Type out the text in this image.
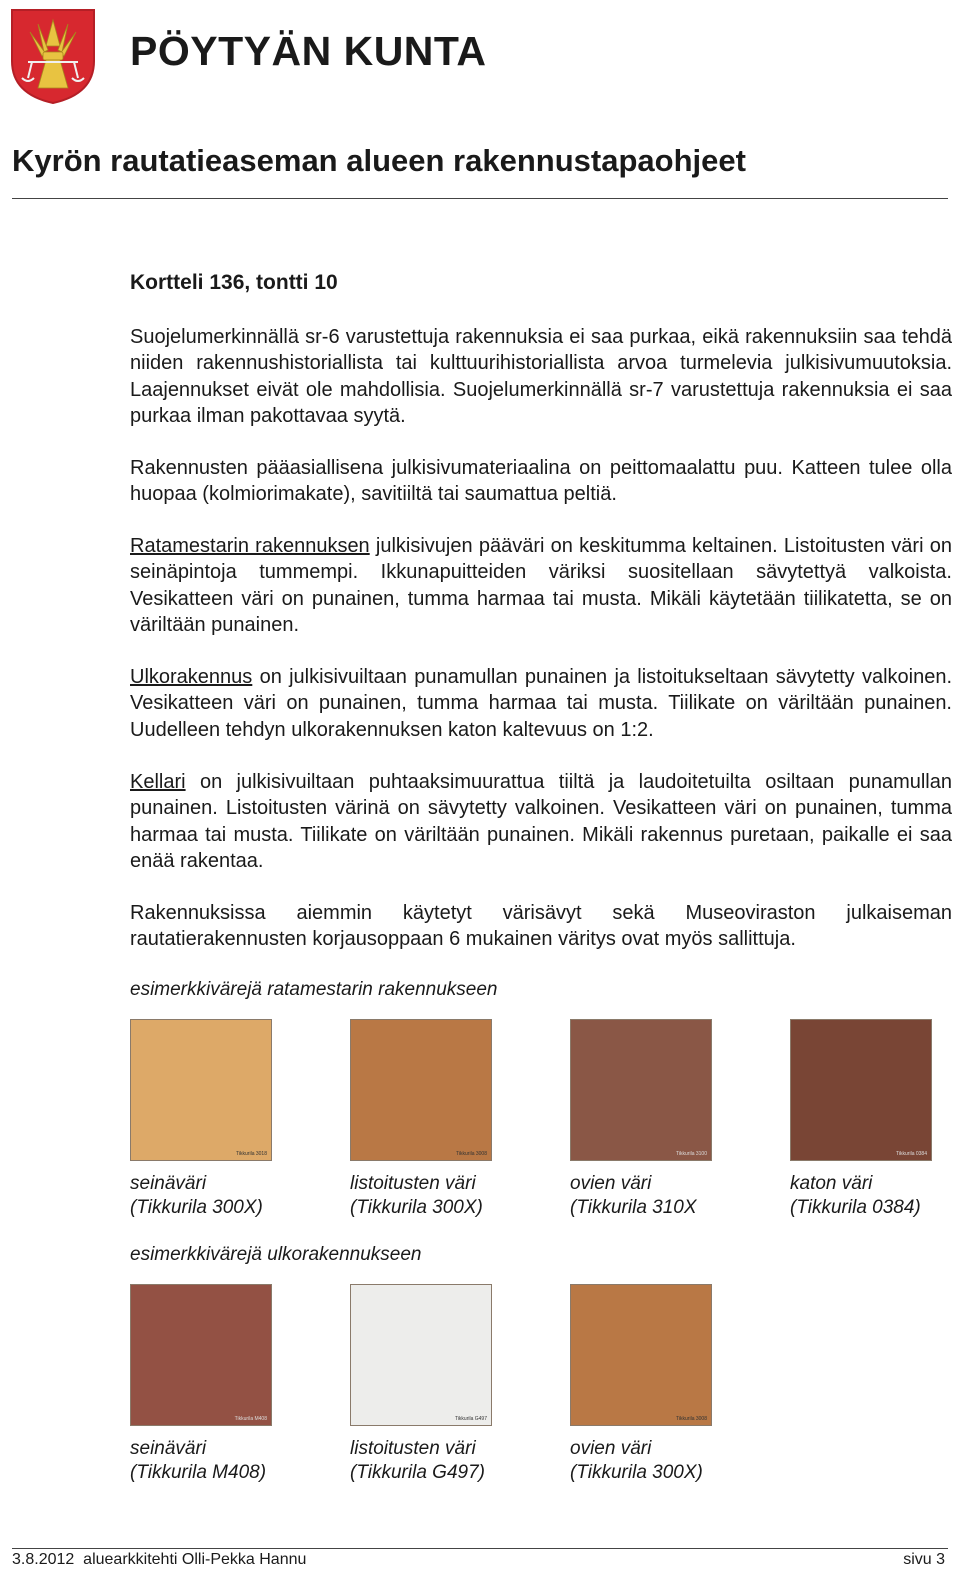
PÖYTYÄN KUNTA
Kyrön rautatieaseman alueen rakennustapaohjeet
Kortteli 136, tontti 10

Suojelumerkinnällä sr-6 varustettuja rakennuksia ei saa purkaa, eikä rakennuksiin saa tehdä niiden rakennushistoriallista tai kulttuurihistoriallista arvoa turmelevia julkisivumuutoksia. Laajennukset eivät ole mahdollisia. Suojelumerkinnällä sr-7 varustettuja rakennuksia ei saa purkaa ilman pakottavaa syytä.

Rakennusten pääasiallisena julkisivumateriaalina on peittomaalattu puu. Katteen tulee olla huopaa (kolmiorimakate), savitiiltä tai saumattua peltiä.

Ratamestarin rakennuksen julkisivujen pääväri on keskitumma keltainen. Listoitusten väri on seinäpintoja tummempi. Ikkunapuitteiden väriksi suositellaan sävytettyä valkoista. Vesikatteen väri on punainen, tumma harmaa tai musta. Mikäli käytetään tiilikatetta, se on väriltään punainen.

Ulkorakennus on julkisivuiltaan punamullan punainen ja listoitukseltaan sävytetty valkoinen. Vesikatteen väri on punainen, tumma harmaa tai musta. Tiilikate on väriltään punainen. Uudelleen tehdyn ulkorakennuksen katon kaltevuus on 1:2.

Kellari on julkisivuiltaan puhtaaksimuurattua tiiltä ja laudoitetuilta osiltaan punamullan punainen. Listoitusten värinä on sävytetty valkoinen. Vesikatteen väri on punainen, tumma harmaa tai musta. Tiilikate on väriltään punainen. Mikäli rakennus puretaan, paikalle ei saa enää rakentaa.

Rakennuksissa aiemmin käytetyt värisävyt sekä Museoviraston julkaiseman rautatierakennusten korjausoppaan 6 mukainen väritys ovat myös sallittuja.

esimerkkivärejä ratamestarin rakennukseen

Tikkurila 3018	Tikkurila 3008	Tikkurila 3100	Tikkurila 0384

seinäväri
(Tikkurila 300X)

listoitusten väri
(Tikkurila 300X)

ovien väri
(Tikkurila 310X

katon väri
(Tikkurila 0384)

esimerkkivärejä ulkorakennukseen

Tikkurila M408	Tikkurila G497	Tikkurila 3008

seinäväri
(Tikkurila M408)

listoitusten väri
(Tikkurila G497)

ovien väri
(Tikkurila 300X)

3.8.2012  aluearkkitehti Olli-Pekka Hannu	sivu 3
